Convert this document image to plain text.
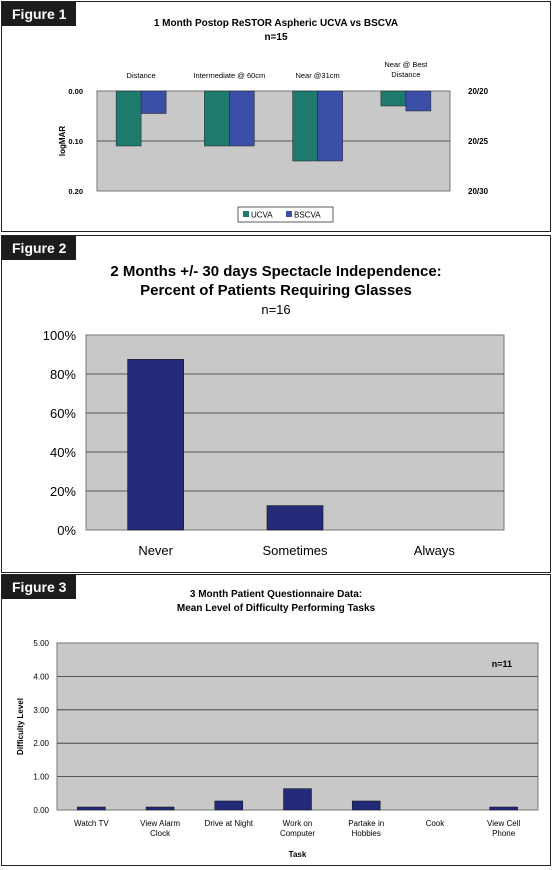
Figure 1
1 Month Postop ReSTOR Aspheric UCVA vs BSCVA
n=15
0.00	20/20
0.10	20/25
0.20	20/30
logMAR
Distance	Intermediate @ 60cm	Near @31cm
Near @ Best
Distance
UCVA	BSCVA
Figure 2
2 Months +/- 30 days Spectacle Independence:
Percent of Patients Requiring Glasses
n=16
0%
20%
40%
60%
80%
100%
Never	Sometimes	Always
Figure 3	3 Month Patient Questionnaire Data:
Mean Level of Difficulty Performing Tasks
0.00
1.00
2.00
3.00
4.00
5.00
Difficulty Level
n=11
Watch TV	View Alarm
Clock
Drive at Night	Work on
Computer
Partake in
Hobbies
Cook	View Cell
Phone
Task
